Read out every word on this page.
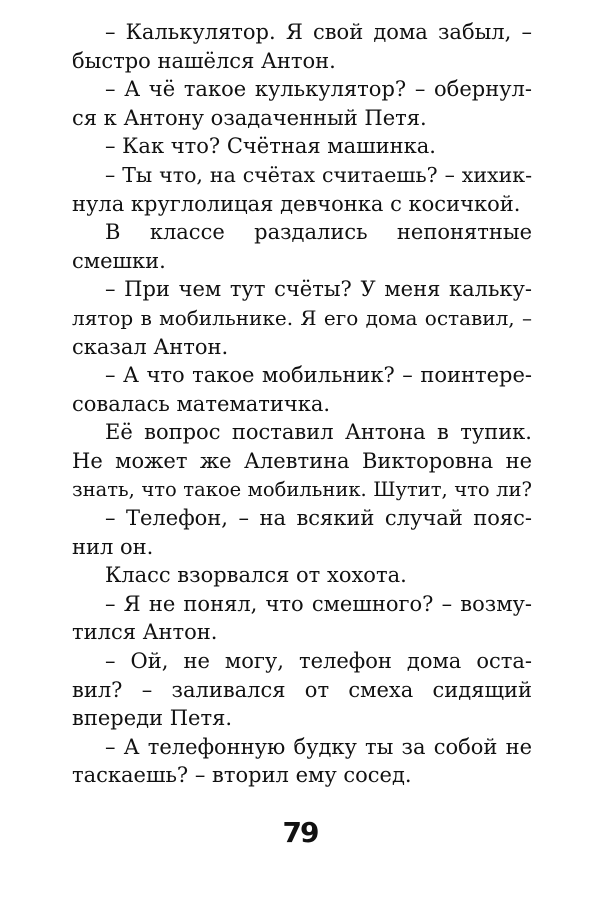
– Калькулятор. Я свой дома забыл, –
быстро нашёлся Антон.
– А чё такое кулькулятор? – обернул-
ся к Антону озадаченный Петя.
– Как что? Счётная машинка.
– Ты что, на счётах считаешь? – хихик-
нула круглолицая девчонка с косичкой.
В классе раздались непонятные
смешки.
– При чем тут счёты? У меня кальку-
лятор в мобильнике. Я его дома оставил, –
сказал Антон.
– А что такое мобильник? – поинтере-
совалась математичка.
Её вопрос поставил Антона в тупик.
Не может же Алевтина Викторовна не
знать, что такое мобильник. Шутит, что ли?
– Телефон, – на всякий случай пояс-
нил он.
Класс взорвался от хохота.
– Я не понял, что смешного? – возму-
тился Антон.
– Ой, не могу, телефон дома оста-
вил? – заливался от смеха сидящий
впереди Петя.
– А телефонную будку ты за собой не
таскаешь? – вторил ему сосед.
79
